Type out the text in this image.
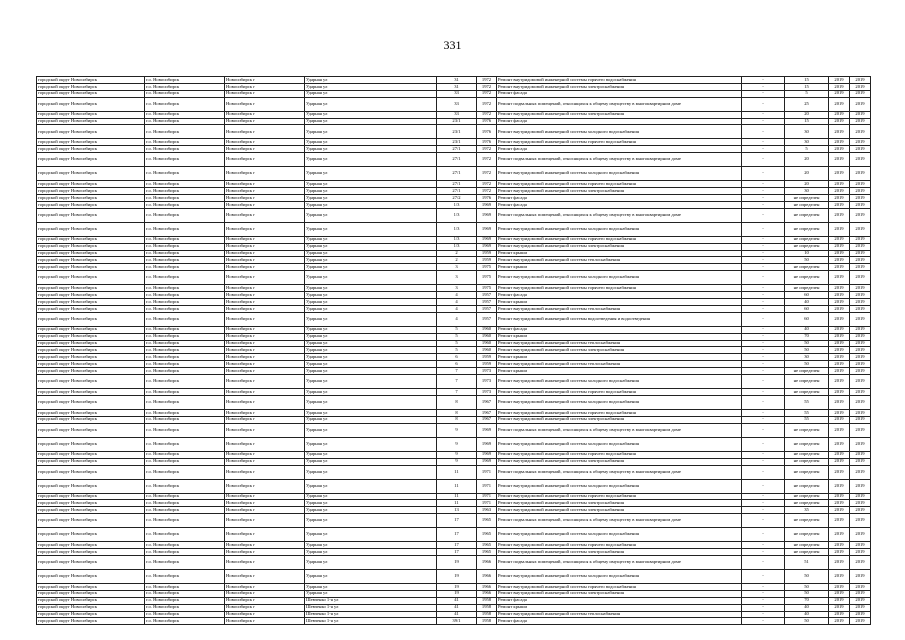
331
городской округ Новосибирск	г.о. Новосибирск	Новосибирск г	Ударная ул	31	1972	Ремонт внутридомовой инженерной системы горячего водоснабжения	-	15	2019	2019
городской округ Новосибирск	г.о. Новосибирск	Новосибирск г	Ударная ул	31	1972	Ремонт внутридомовой инженерной системы электроснабжения	-	15	2019	2019
городской округ Новосибирск	г.о. Новосибирск	Новосибирск г	Ударная ул	33	1972	Ремонт фасада	-	5	2019	2019
городской округ Новосибирск	г.о. Новосибирск	Новосибирск г	Ударная ул	33	1972	Ремонт подвальных помещений, относящихся к общему имуществу в многоквартирном доме	-	25	2019	2019
городской округ Новосибирск	г.о. Новосибирск	Новосибирск г	Ударная ул	33	1972	Ремонт внутридомовой инженерной системы электроснабжения	-	20	2019	2019
городской округ Новосибирск	г.о. Новосибирск	Новосибирск г	Ударная ул	23/1	1976	Ремонт фасада	-	15	2019	2019
городской округ Новосибирск	г.о. Новосибирск	Новосибирск г	Ударная ул	23/1	1976	Ремонт внутридомовой инженерной системы холодного водоснабжения	-	30	2019	2019
городской округ Новосибирск	г.о. Новосибирск	Новосибирск г	Ударная ул	23/1	1976	Ремонт внутридомовой инженерной системы горячего водоснабжения	-	30	2019	2019
городской округ Новосибирск	г.о. Новосибирск	Новосибирск г	Ударная ул	27/1	1972	Ремонт фасада	-	5	2019	2019
городской округ Новосибирск	г.о. Новосибирск	Новосибирск г	Ударная ул	27/1	1972	Ремонт подвальных помещений, относящихся к общему имуществу в многоквартирном доме	-	20	2019	2019
городской округ Новосибирск	г.о. Новосибирск	Новосибирск г	Ударная ул	27/1	1972	Ремонт внутридомовой инженерной системы холодного водоснабжения	-	20	2019	2019
городской округ Новосибирск	г.о. Новосибирск	Новосибирск г	Ударная ул	27/1	1972	Ремонт внутридомовой инженерной системы горячего водоснабжения	-	20	2019	2019
городской округ Новосибирск	г.о. Новосибирск	Новосибирск г	Ударная ул	27/1	1972	Ремонт внутридомовой инженерной системы электроснабжения	-	30	2019	2019
городской округ Новосибирск	г.о. Новосибирск	Новосибирск г	Ударная ул	27/2	1976	Ремонт фасада	-	не определен	2019	2019
городской округ Новосибирск	г.о. Новосибирск	Новосибирск г	Ударная ул	1/3	1969	Ремонт фасада	-	не определен	2019	2019
городской округ Новосибирск	г.о. Новосибирск	Новосибирск г	Ударная ул	1/3	1969	Ремонт подвальных помещений, относящихся к общему имуществу в многоквартирном доме	-	не определен	2019	2019
городской округ Новосибирск	г.о. Новосибирск	Новосибирск г	Ударная ул	1/3	1969	Ремонт внутридомовой инженерной системы холодного водоснабжения	-	не определен	2019	2019
городской округ Новосибирск	г.о. Новосибирск	Новосибирск г	Ударная ул	1/3	1969	Ремонт внутридомовой инженерной системы горячего водоснабжения	-	не определен	2019	2019
городской округ Новосибирск	г.о. Новосибирск	Новосибирск г	Ударная ул	1/3	1969	Ремонт внутридомовой инженерной системы электроснабжения	-	не определен	2019	2019
городской округ Новосибирск	г.о. Новосибирск	Новосибирск г	Ударная ул	2	1959	Ремонт крыши	-	10	2019	2019
городской округ Новосибирск	г.о. Новосибирск	Новосибирск г	Ударная ул	2	1959	Ремонт внутридомовой инженерной системы теплоснабжения	-	50	2019	2019
городской округ Новосибирск	г.о. Новосибирск	Новосибирск г	Ударная ул	3	1975	Ремонт крыши	-	не определен	2019	2019
городской округ Новосибирск	г.о. Новосибирск	Новосибирск г	Ударная ул	3	1975	Ремонт внутридомовой инженерной системы холодного водоснабжения	-	не определен	2019	2019
городской округ Новосибирск	г.о. Новосибирск	Новосибирск г	Ударная ул	3	1975	Ремонт внутридомовой инженерной системы горячего водоснабжения	-	не определен	2019	2019
городской округ Новосибирск	г.о. Новосибирск	Новосибирск г	Ударная ул	4	1957	Ремонт фасада	-	60	2019	2019
городской округ Новосибирск	г.о. Новосибирск	Новосибирск г	Ударная ул	4	1957	Ремонт крыши	-	40	2019	2019
городской округ Новосибирск	г.о. Новосибирск	Новосибирск г	Ударная ул	4	1957	Ремонт внутридомовой инженерной системы теплоснабжения	-	60	2019	2019
городской округ Новосибирск	г.о. Новосибирск	Новосибирск г	Ударная ул	4	1957	Ремонт внутридомовой инженерной системы водоотведения и водоотведения	-	60	2019	2019
городской округ Новосибирск	г.о. Новосибирск	Новосибирск г	Ударная ул	5	1960	Ремонт фасада	-	40	2019	2019
городской округ Новосибирск	г.о. Новосибирск	Новосибирск г	Ударная ул	5	1960	Ремонт крыши	-	70	2019	2019
городской округ Новосибирск	г.о. Новосибирск	Новосибирск г	Ударная ул	5	1960	Ремонт внутридомовой инженерной системы теплоснабжения	-	50	2019	2019
городской округ Новосибирск	г.о. Новосибирск	Новосибирск г	Ударная ул	5	1960	Ремонт внутридомовой инженерной системы электроснабжения	-	50	2019	2019
городской округ Новосибирск	г.о. Новосибирск	Новосибирск г	Ударная ул	6	1959	Ремонт крыши	-	30	2019	2019
городской округ Новосибирск	г.о. Новосибирск	Новосибирск г	Ударная ул	6	1959	Ремонт внутридомовой инженерной системы теплоснабжения	-	50	2019	2019
городской округ Новосибирск	г.о. Новосибирск	Новосибирск г	Ударная ул	7	1973	Ремонт крыши	-	не определен	2019	2019
городской округ Новосибирск	г.о. Новосибирск	Новосибирск г	Ударная ул	7	1973	Ремонт внутридомовой инженерной системы холодного водоснабжения	-	не определен	2019	2019
городской округ Новосибирск	г.о. Новосибирск	Новосибирск г	Ударная ул	7	1973	Ремонт внутридомовой инженерной системы горячего водоснабжения	-	не определен	2019	2019
городской округ Новосибирск	г.о. Новосибирск	Новосибирск г	Ударная ул	8	1967	Ремонт внутридомовой инженерной системы холодного водоснабжения	-	55	2019	2019
городской округ Новосибирск	г.о. Новосибирск	Новосибирск г	Ударная ул	8	1967	Ремонт внутридомовой инженерной системы горячего водоснабжения	-	55	2019	2019
городской округ Новосибирск	г.о. Новосибирск	Новосибирск г	Ударная ул	8	1967	Ремонт внутридомовой инженерной системы электроснабжения	-	55	2019	2019
городской округ Новосибирск	г.о. Новосибирск	Новосибирск г	Ударная ул	9	1969	Ремонт подвальных помещений, относящихся к общему имуществу в многоквартирном доме	-	не определен	2019	2019
городской округ Новосибирск	г.о. Новосибирск	Новосибирск г	Ударная ул	9	1969	Ремонт внутридомовой инженерной системы холодного водоснабжения	-	не определен	2019	2019
городской округ Новосибирск	г.о. Новосибирск	Новосибирск г	Ударная ул	9	1969	Ремонт внутридомовой инженерной системы горячего водоснабжения	-	не определен	2019	2019
городской округ Новосибирск	г.о. Новосибирск	Новосибирск г	Ударная ул	9	1969	Ремонт внутридомовой инженерной системы электроснабжения	-	не определен	2019	2019
городской округ Новосибирск	г.о. Новосибирск	Новосибирск г	Ударная ул	11	1971	Ремонт подвальных помещений, относящихся к общему имуществу в многоквартирном доме	-	не определен	2019	2019
городской округ Новосибирск	г.о. Новосибирск	Новосибирск г	Ударная ул	11	1971	Ремонт внутридомовой инженерной системы холодного водоснабжения	-	не определен	2019	2019
городской округ Новосибирск	г.о. Новосибирск	Новосибирск г	Ударная ул	11	1971	Ремонт внутридомовой инженерной системы горячего водоснабжения	-	не определен	2019	2019
городской округ Новосибирск	г.о. Новосибирск	Новосибирск г	Ударная ул	11	1971	Ремонт внутридомовой инженерной системы электроснабжения	-	не определен	2019	2019
городской округ Новосибирск	г.о. Новосибирск	Новосибирск г	Ударная ул	13	1963	Ремонт внутридомовой инженерной системы электроснабжения	-	35	2019	2019
городской округ Новосибирск	г.о. Новосибирск	Новосибирск г	Ударная ул	17	1965	Ремонт подвальных помещений, относящихся к общему имуществу в многоквартирном доме	-	не определен	2019	2019
городской округ Новосибирск	г.о. Новосибирск	Новосибирск г	Ударная ул	17	1965	Ремонт внутридомовой инженерной системы холодного водоснабжения	-	не определен	2019	2019
городской округ Новосибирск	г.о. Новосибирск	Новосибирск г	Ударная ул	17	1965	Ремонт внутридомовой инженерной системы горячего водоснабжения	-	не определен	2019	2019
городской округ Новосибирск	г.о. Новосибирск	Новосибирск г	Ударная ул	17	1965	Ремонт внутридомовой инженерной системы электроснабжения	-	не определен	2019	2019
городской округ Новосибирск	г.о. Новосибирск	Новосибирск г	Ударная ул	19	1966	Ремонт подвальных помещений, относящихся к общему имуществу в многоквартирном доме	-	51	2019	2019
городской округ Новосибирск	г.о. Новосибирск	Новосибирск г	Ударная ул	19	1966	Ремонт внутридомовой инженерной системы холодного водоснабжения	-	50	2019	2019
городской округ Новосибирск	г.о. Новосибирск	Новосибирск г	Ударная ул	19	1966	Ремонт внутридомовой инженерной системы горячего водоснабжения	-	50	2019	2019
городской округ Новосибирск	г.о. Новосибирск	Новосибирск г	Ударная ул	19	1966	Ремонт внутридомовой инженерной системы электроснабжения	-	50	2019	2019
городской округ Новосибирск	г.о. Новосибирск	Новосибирск г	Шевченко 1-я ул	41	1958	Ремонт фасада	-	70	2019	2019
городской округ Новосибирск	г.о. Новосибирск	Новосибирск г	Шевченко 1-я ул	41	1958	Ремонт крыши	-	40	2019	2019
городской округ Новосибирск	г.о. Новосибирск	Новосибирск г	Шевченко 1-я ул	41	1958	Ремонт внутридомовой инженерной системы теплоснабжения	-	40	2019	2019
городской округ Новосибирск	г.о. Новосибирск	Новосибирск г	Шевченко 1-я ул	39/1	1958	Ремонт фасада	-	50	2019	2019
